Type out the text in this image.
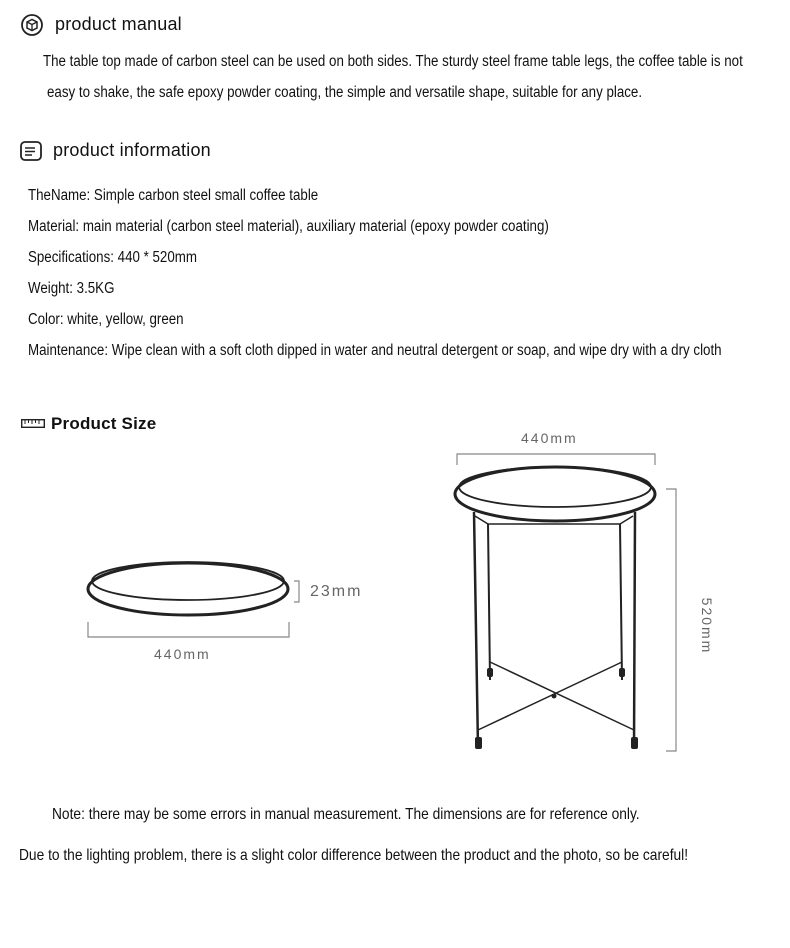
product manual
The table top made of carbon steel can be used on both sides. The sturdy steel frame table legs, the coffee table is not
easy to shake, the safe epoxy powder coating, the simple and versatile shape, suitable for any place.
product information
TheName: Simple carbon steel small coffee table
Material: main material (carbon steel material), auxiliary material (epoxy powder coating)
Specifications: 440 * 520mm
Weight: 3.5KG
Color: white, yellow, green
Maintenance: Wipe clean with a soft cloth dipped in water and neutral detergent or soap, and wipe dry with a dry cloth
Product Size
23mm
440mm
440mm
520mm
Note: there may be some errors in manual measurement. The dimensions are for reference only.
Due to the lighting problem, there is a slight color difference between the product and the photo, so be careful!
